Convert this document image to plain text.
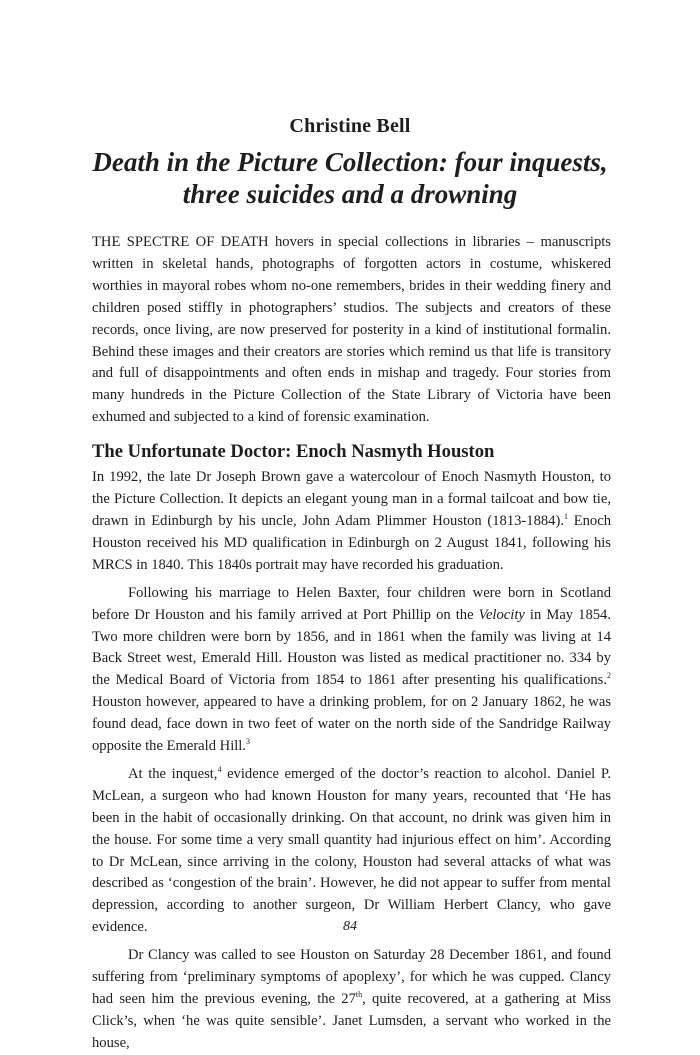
Christine Bell
Death in the Picture Collection: four inquests,
three suicides and a drowning

THE SPECTRE OF DEATH hovers in special collections in libraries – manuscripts written in skeletal hands, photographs of forgotten actors in costume, whiskered worthies in mayoral robes whom no-one remembers, brides in their wedding finery and children posed stiffly in photographers’ studios. The subjects and creators of these records, once living, are now preserved for posterity in a kind of institutional formalin. Behind these images and their creators are stories which remind us that life is transitory and full of disappointments and often ends in mishap and tragedy. Four stories from many hundreds in the Picture Collection of the State Library of Victoria have been exhumed and subjected to a kind of forensic examination.

The Unfortunate Doctor: Enoch Nasmyth Houston

In 1992, the late Dr Joseph Brown gave a watercolour of Enoch Nasmyth Houston, to the Picture Collection. It depicts an elegant young man in a formal tailcoat and bow tie, drawn in Edinburgh by his uncle, John Adam Plimmer Houston (1813-1884).$^1$ Enoch Houston received his MD qualification in Edinburgh on 2 August 1841, following his MRCS in 1840. This 1840s portrait may have recorded his graduation.

Following his marriage to Helen Baxter, four children were born in Scotland before Dr Houston and his family arrived at Port Phillip on the Velocity in May 1854. Two more children were born by 1856, and in 1861 when the family was living at 14 Back Street west, Emerald Hill. Houston was listed as medical practitioner no. 334 by the Medical Board of Victoria from 1854 to 1861 after presenting his qualifications.$^2$ Houston however, appeared to have a drinking problem, for on 2 January 1862, he was found dead, face down in two feet of water on the north side of the Sandridge Railway opposite the Emerald Hill.$^3$

At the inquest,$^4$ evidence emerged of the doctor’s reaction to alcohol. Daniel P. McLean, a surgeon who had known Houston for many years, recounted that ‘He has been in the habit of occasionally drinking. On that account, no drink was given him in the house. For some time a very small quantity had injurious effect on him’. According to Dr McLean, since arriving in the colony, Houston had several attacks of what was described as ‘congestion of the brain’. However, he did not appear to suffer from mental depression, according to another surgeon, Dr William Herbert Clancy, who gave evidence.

Dr Clancy was called to see Houston on Saturday 28 December 1861, and found suffering from ‘preliminary symptoms of apoplexy’, for which he was cupped. Clancy had seen him the previous evening, the 27th, quite recovered, at a gathering at Miss Click’s, when ‘he was quite sensible’. Janet Lumsden, a servant who worked in the house,

84
